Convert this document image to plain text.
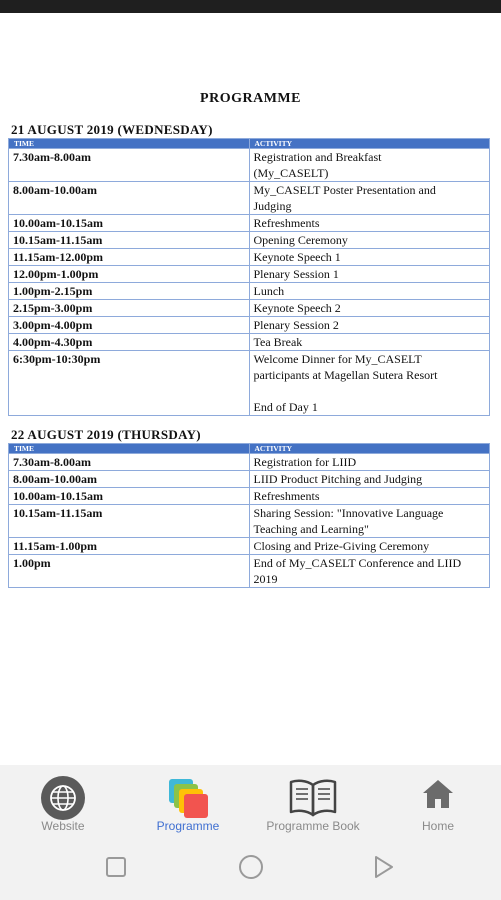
PROGRAMME
21 AUGUST 2019 (WEDNESDAY)
TIME	ACTIVITY
7.30am-8.00am	Registration and Breakfast
(My_CASELT)
8.00am-10.00am	My_CASELT Poster Presentation and
Judging
10.00am-10.15am	Refreshments
10.15am-11.15am	Opening Ceremony
11.15am-12.00pm	Keynote Speech 1
12.00pm-1.00pm	Plenary Session 1
1.00pm-2.15pm	Lunch
2.15pm-3.00pm	Keynote Speech 2
3.00pm-4.00pm	Plenary Session 2
4.00pm-4.30pm	Tea Break
6:30pm-10:30pm	Welcome Dinner for My_CASELT
participants at Magellan Sutera Resort

End of Day 1
22 AUGUST 2019 (THURSDAY)
TIME	ACTIVITY
7.30am-8.00am	Registration for LIID
8.00am-10.00am	LIID Product Pitching and Judging
10.00am-10.15am	Refreshments
10.15am-11.15am	Sharing Session: "Innovative Language
Teaching and Learning"
11.15am-1.00pm	Closing and Prize-Giving Ceremony
1.00pm	End of My_CASELT Conference and LIID
2019
Website	Programme	Programme Book	Home
